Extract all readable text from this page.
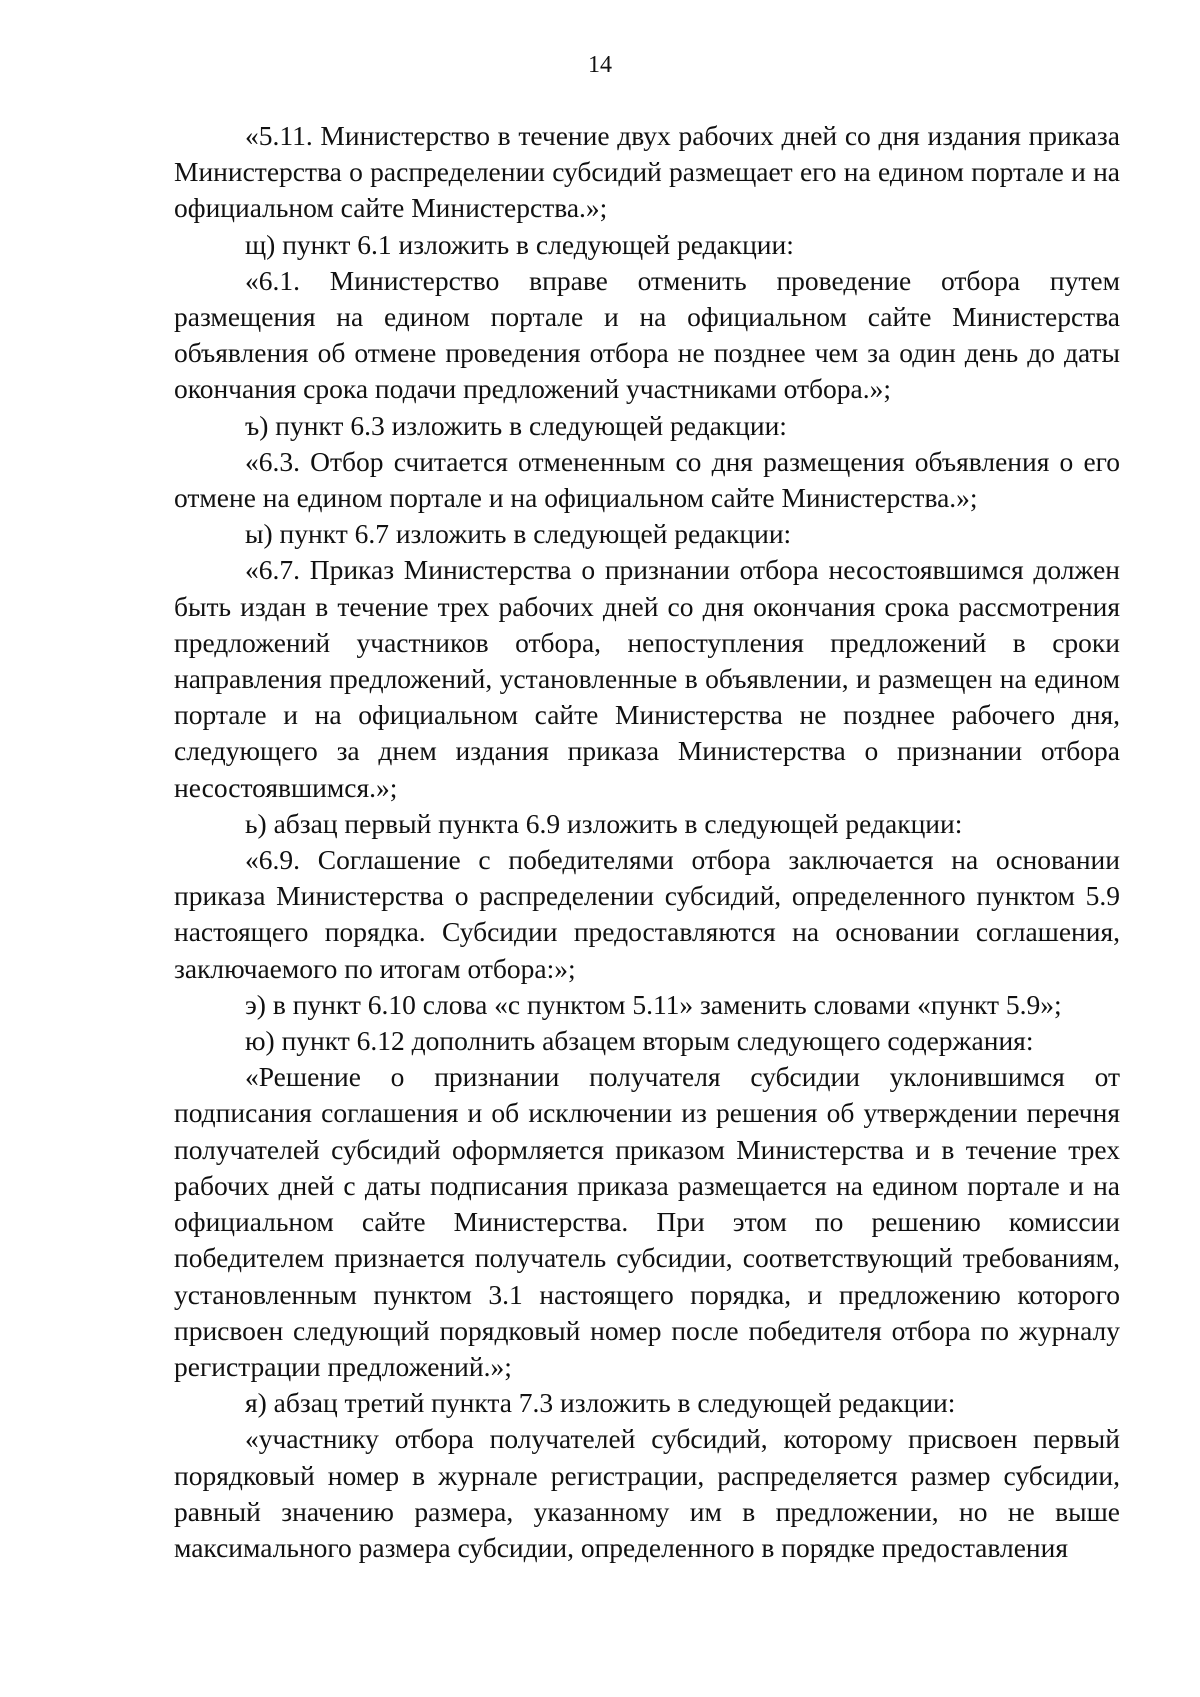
14

«5.11. Министерство в течение двух рабочих дней со дня издания приказа Министерства о распределении субсидий размещает его на едином портале и на официальном сайте Министерства.»;

щ) пункт 6.1 изложить в следующей редакции:

«6.1. Министерство вправе отменить проведение отбора путем размещения на едином портале и на официальном сайте Министерства объявления об отмене проведения отбора не позднее чем за один день до даты окончания срока подачи предложений участниками отбора.»;

ъ) пункт 6.3 изложить в следующей редакции:

«6.3. Отбор считается отмененным со дня размещения объявления о его отмене на едином портале и на официальном сайте Министерства.»;

ы) пункт 6.7 изложить в следующей редакции:

«6.7. Приказ Министерства о признании отбора несостоявшимся должен быть издан в течение трех рабочих дней со дня окончания срока рассмотрения предложений участников отбора, непоступления предложений в сроки направления предложений, установленные в объявлении, и размещен на едином портале и на официальном сайте Министерства не позднее рабочего дня, следующего за днем издания приказа Министерства о признании отбора несостоявшимся.»;

ь) абзац первый пункта 6.9 изложить в следующей редакции:

«6.9. Соглашение с победителями отбора заключается на основании приказа Министерства о распределении субсидий, определенного пунктом 5.9 настоящего порядка. Субсидии предоставляются на основании соглашения, заключаемого по итогам отбора:»;

э) в пункт 6.10 слова «с пунктом 5.11» заменить словами «пункт 5.9»;

ю) пункт 6.12 дополнить абзацем вторым следующего содержания:

«Решение о признании получателя субсидии уклонившимся от подписания соглашения и об исключении из решения об утверждении перечня получателей субсидий оформляется приказом Министерства и в течение трех рабочих дней с даты подписания приказа размещается на едином портале и на официальном сайте Министерства. При этом по решению комиссии победителем признается получатель субсидии, соответствующий требованиям, установленным пунктом 3.1 настоящего порядка, и предложению которого присвоен следующий порядковый номер после победителя отбора по журналу регистрации предложений.»;

я) абзац третий пункта 7.3 изложить в следующей редакции:

«участнику отбора получателей субсидий, которому присвоен первый порядковый номер в журнале регистрации, распределяется размер субсидии, равный значению размера, указанному им в предложении, но не выше максимального размера субсидии, определенного в порядке предоставления
